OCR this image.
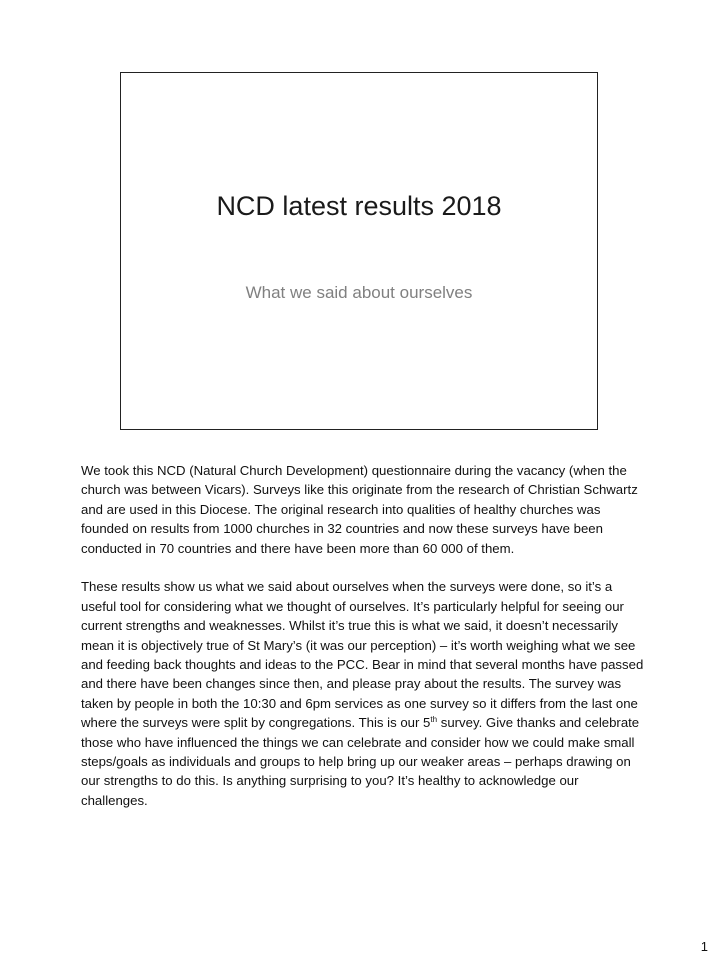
NCD latest results 2018
What we said about ourselves

We took this NCD (Natural Church Development) questionnaire during the vacancy (when the church was between Vicars). Surveys like this originate from the research of Christian Schwartz and are used in this Diocese. The original research into qualities of healthy churches was founded on results from 1000 churches in 32 countries and now these surveys have been conducted in 70 countries and there have been more than 60 000 of them.

These results show us what we said about ourselves when the surveys were done, so it’s a useful tool for considering what we thought of ourselves. It’s particularly helpful for seeing our current strengths and weaknesses. Whilst it’s true this is what we said, it doesn’t necessarily mean it is objectively true of St Mary’s (it was our perception) – it’s worth weighing what we see and feeding back thoughts and ideas to the PCC. Bear in mind that several months have passed and there have been changes since then, and please pray about the results. The survey was taken by people in both the 10:30 and 6pm services as one survey so it differs from the last one where the surveys were split by congregations. This is our 5th survey. Give thanks and celebrate those who have influenced the things we can celebrate and consider how we could make small steps/goals as individuals and groups to help bring up our weaker areas – perhaps drawing on our strengths to do this. Is anything surprising to you? It’s healthy to acknowledge our challenges.

1
